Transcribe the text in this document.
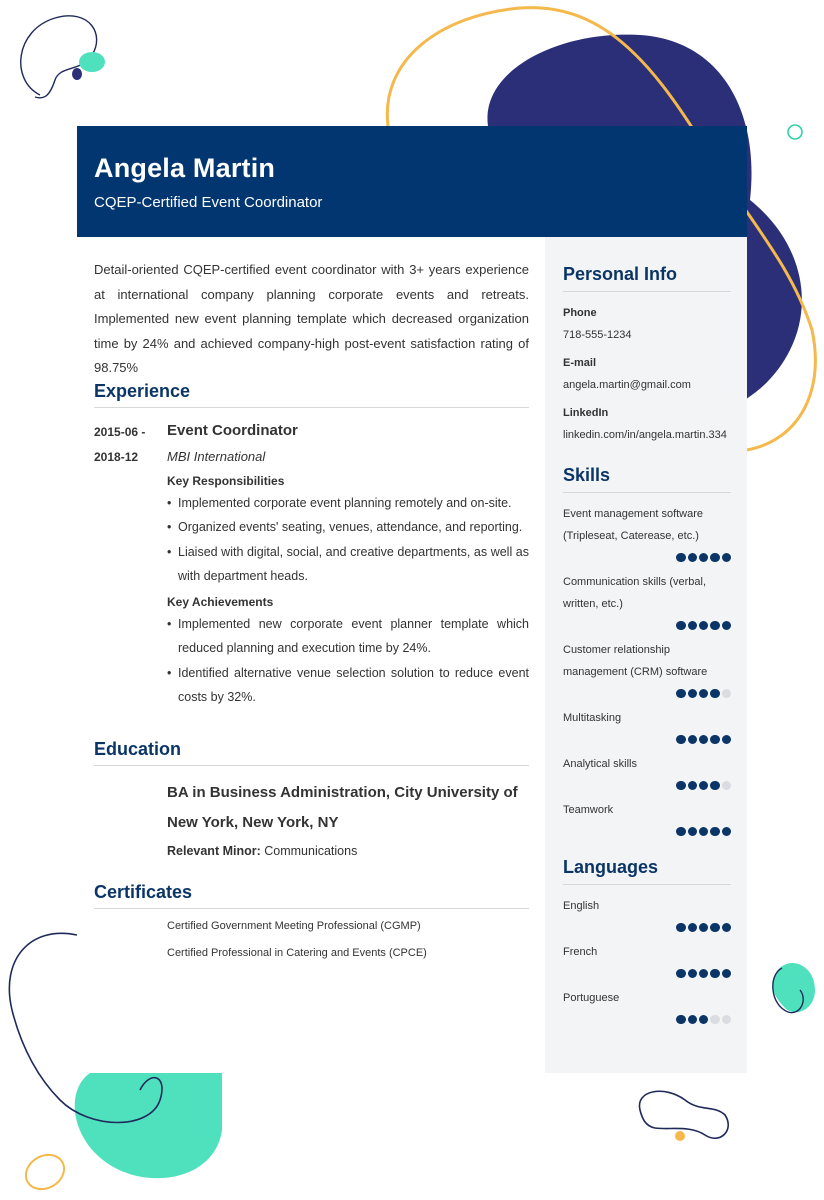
Angela Martin
CQEP-Certified Event Coordinator
Detail-oriented CQEP-certified event coordinator with 3+ years experience at international company planning corporate events and retreats. Implemented new event planning template which decreased organization time by 24% and achieved company-high post-event satisfaction rating of 98.75%
Experience
2015-06 -
2018-12
Event Coordinator
MBI International
Key Responsibilities
• Implemented corporate event planning remotely and on-site.
• Organized events' seating, venues, attendance, and reporting.
• Liaised with digital, social, and creative departments, as well as with department heads.
Key Achievements
• Implemented new corporate event planner template which reduced planning and execution time by 24%.
• Identified alternative venue selection solution to reduce event costs by 32%.
Education
BA in Business Administration, City University of New York, New York, NY
Relevant Minor: Communications
Certificates
Certified Government Meeting Professional (CGMP)
Certified Professional in Catering and Events (CPCE)
Personal Info
Phone
718-555-1234
E-mail
angela.martin@gmail.com
LinkedIn
linkedin.com/in/angela.martin.334
Skills
Event management software (Tripleseat, Caterease, etc.)
Communication skills (verbal, written, etc.)
Customer relationship management (CRM) software
Multitasking
Analytical skills
Teamwork
Languages
English
French
Portuguese
